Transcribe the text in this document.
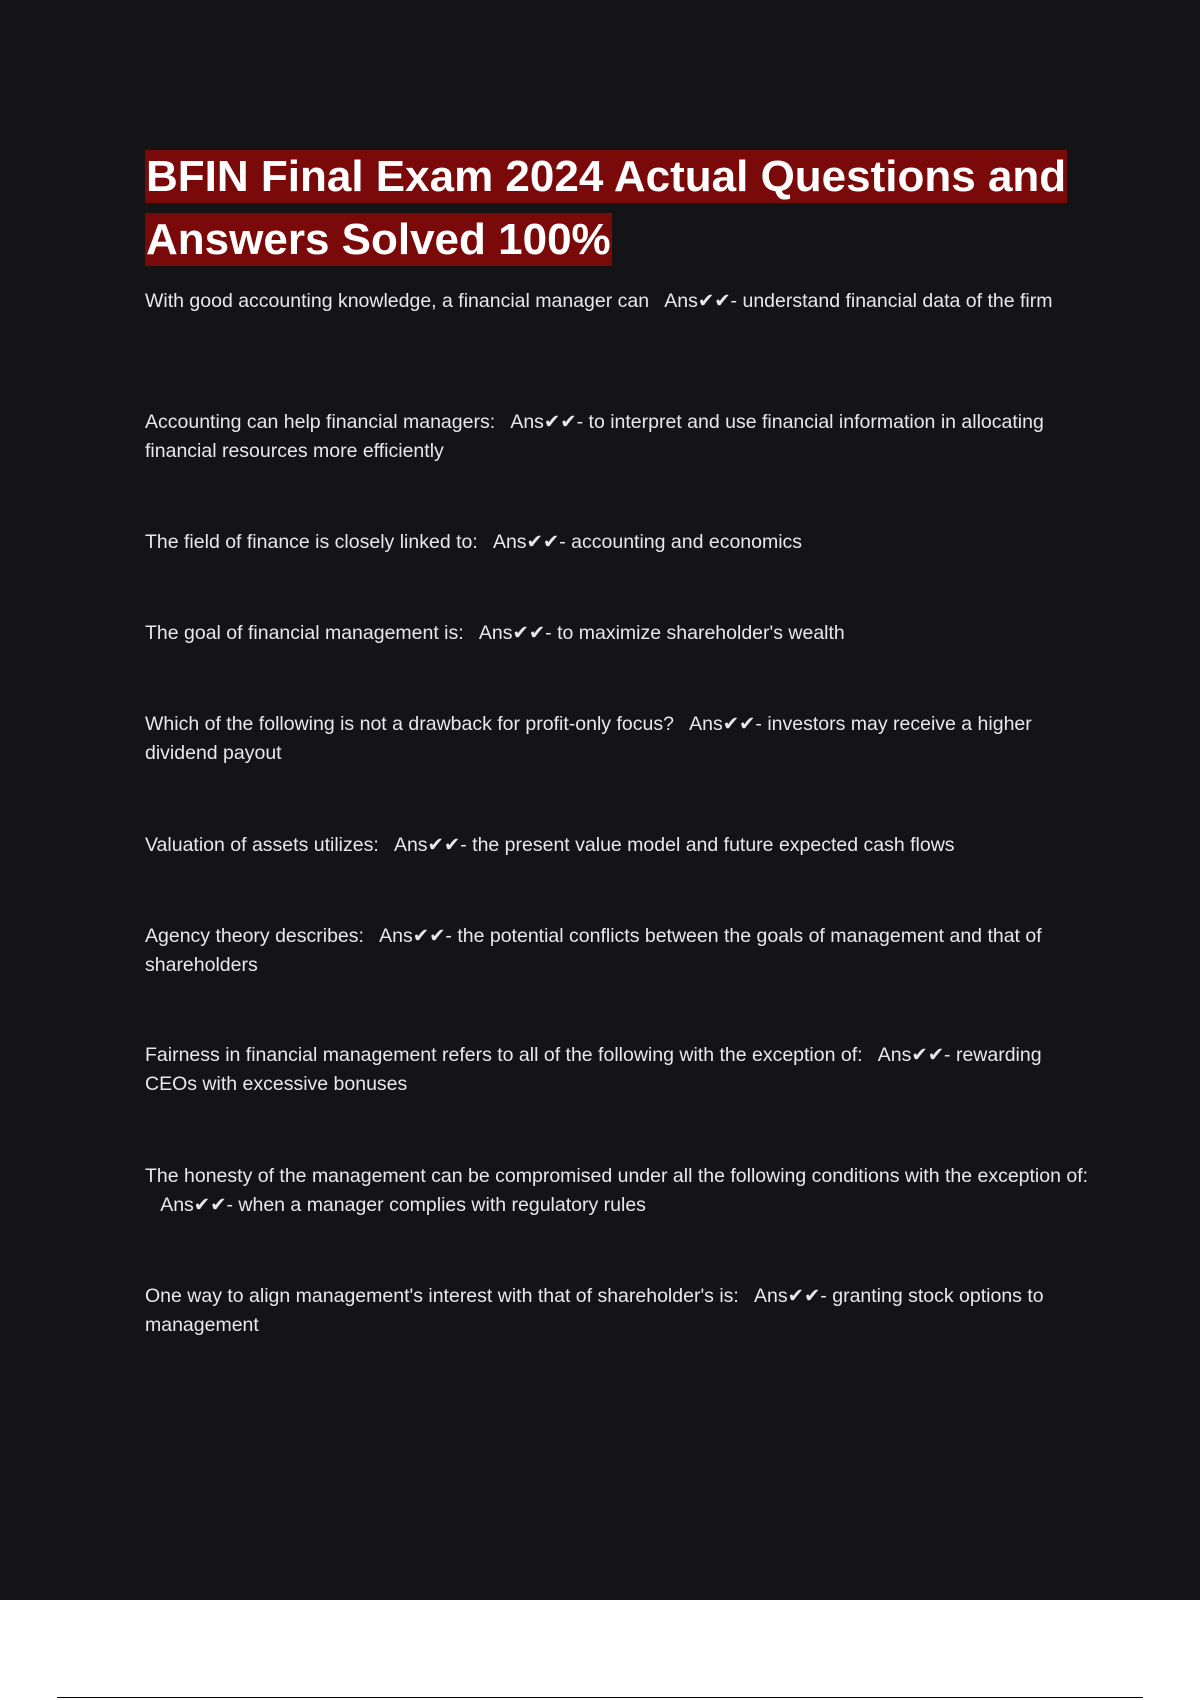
BFIN Final Exam 2024 Actual Questions and Answers Solved 100%

With good accounting knowledge, a financial manager can Ans✔✔- understand financial data of the firm

Accounting can help financial managers: Ans✔✔- to interpret and use financial information in allocating financial resources more efficiently

The field of finance is closely linked to: Ans✔✔- accounting and economics

The goal of financial management is: Ans✔✔- to maximize shareholder's wealth

Which of the following is not a drawback for profit-only focus? Ans✔✔- investors may receive a higher dividend payout

Valuation of assets utilizes: Ans✔✔- the present value model and future expected cash flows

Agency theory describes: Ans✔✔- the potential conflicts between the goals of management and that of shareholders

Fairness in financial management refers to all of the following with the exception of: Ans✔✔- rewarding CEOs with excessive bonuses

The honesty of the management can be compromised under all the following conditions with the exception of:   Ans✔✔- when a manager complies with regulatory rules

One way to align management's interest with that of shareholder's is: Ans✔✔- granting stock options to management
